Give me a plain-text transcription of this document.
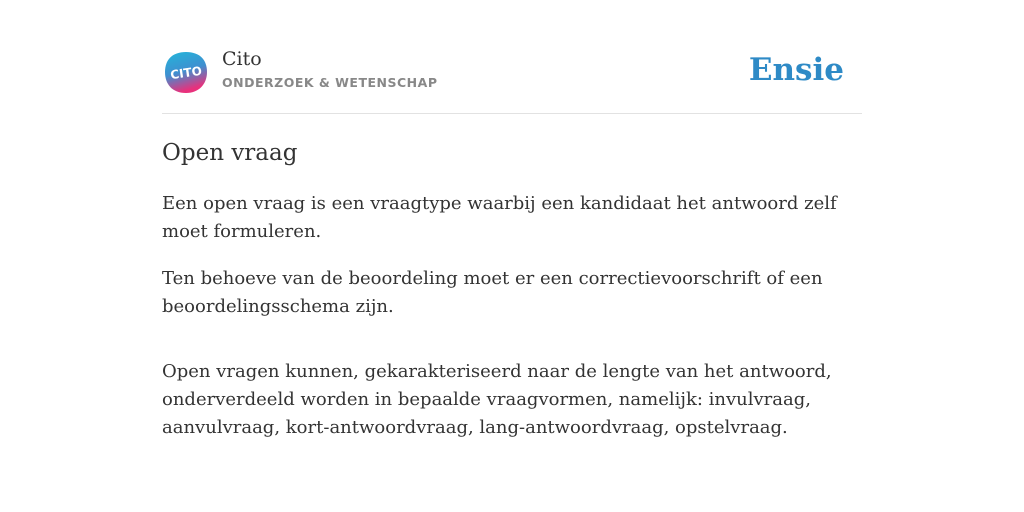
CITO
Cito
ONDERZOEK & WETENSCHAP	Ensie
Open vraag

Een open vraag is een vraagtype waarbij een kandidaat het antwoord zelf moet formuleren.

Ten behoeve van de beoordeling moet er een correctievoorschrift of een beoordelingsschema zijn.

Open vragen kunnen, gekarakteriseerd naar de lengte van het antwoord, onderverdeeld worden in bepaalde vraagvormen, namelijk: invulvraag, aanvulvraag, kort-antwoordvraag, lang-antwoordvraag, opstelvraag.
